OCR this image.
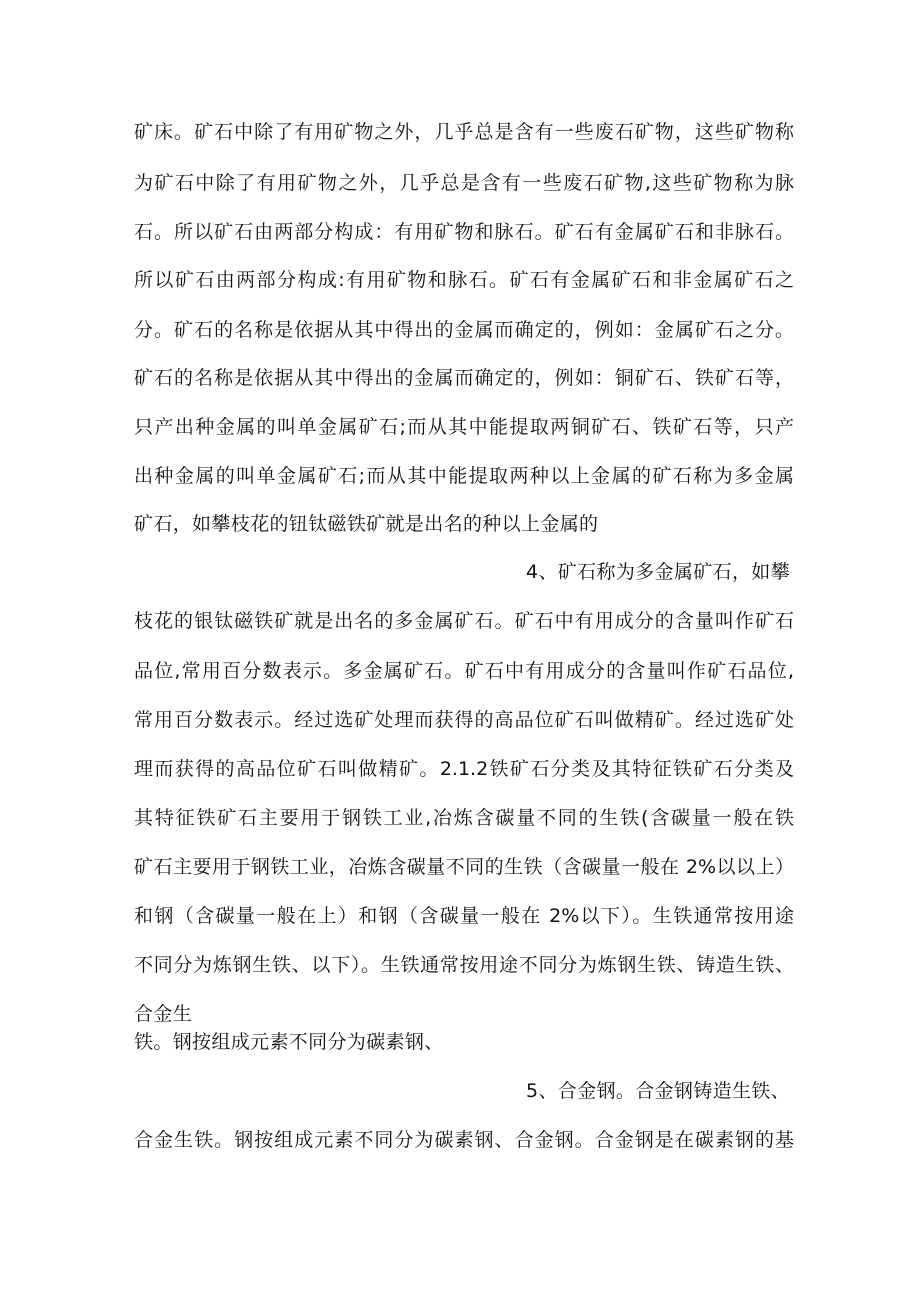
矿床。矿石中除了有用矿物之外，几乎总是含有一些废石矿物，这些矿物称
为矿石中除了有用矿物之外，几乎总是含有一些废石矿物,这些矿物称为脉
石。所以矿石由两部分构成：有用矿物和脉石。矿石有金属矿石和非脉石。
所以矿石由两部分构成:有用矿物和脉石。矿石有金属矿石和非金属矿石之
分。矿石的名称是依据从其中得出的金属而确定的，例如：金属矿石之分。
矿石的名称是依据从其中得出的金属而确定的，例如：铜矿石、铁矿石等，
只产出种金属的叫单金属矿石;而从其中能提取两铜矿石、铁矿石等，只产
出种金属的叫单金属矿石;而从其中能提取两种以上金属的矿石称为多金属
矿石，如攀枝花的钮钛磁铁矿就是出名的种以上金属的
4、矿石称为多金属矿石，如攀
枝花的银钛磁铁矿就是出名的多金属矿石。矿石中有用成分的含量叫作矿石
品位,常用百分数表示。多金属矿石。矿石中有用成分的含量叫作矿石品位,
常用百分数表示。经过选矿处理而获得的高品位矿石叫做精矿。经过选矿处
理而获得的高品位矿石叫做精矿。2.1.2铁矿石分类及其特征铁矿石分类及
其特征铁矿石主要用于钢铁工业,冶炼含碳量不同的生铁(含碳量一般在铁
矿石主要用于钢铁工业，冶炼含碳量不同的生铁（含碳量一般在 2%以以上）
和钢（含碳量一般在上）和钢（含碳量一般在 2%以下）。生铁通常按用途
不同分为炼钢生铁、以下）。生铁通常按用途不同分为炼钢生铁、铸造生铁、
合金生
铁。钢按组成元素不同分为碳素钢、
5、合金钢。合金钢铸造生铁、
合金生铁。钢按组成元素不同分为碳素钢、合金钢。合金钢是在碳素钢的基
